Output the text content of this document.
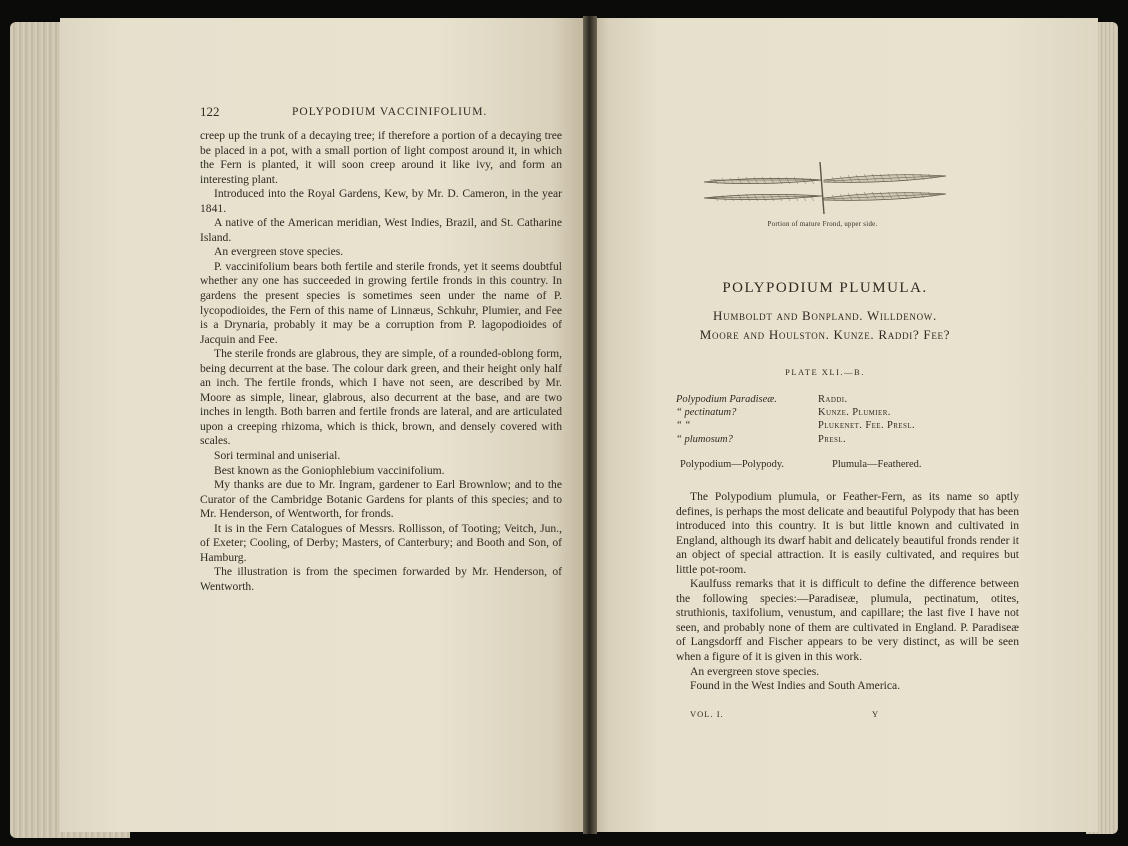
122	POLYPODIUM VACCINIFOLIUM.

creep up the trunk of a decaying tree; if therefore a portion of a decaying tree be placed in a pot, with a small portion of light compost around it, in which the Fern is planted, it will soon creep around it like ivy, and form an interesting plant.

Introduced into the Royal Gardens, Kew, by Mr. D. Cameron, in the year 1841.

A native of the American meridian, West Indies, Brazil, and St. Catharine Island.

An evergreen stove species.

P. vaccinifolium bears both fertile and sterile fronds, yet it seems doubtful whether any one has succeeded in growing fertile fronds in this country. In gardens the present species is sometimes seen under the name of P. lycopodioides, the Fern of this name of Linnæus, Schkuhr, Plumier, and Fee is a Drynaria, probably it may be a corruption from P. lagopodioides of Jacquin and Fee.

The sterile fronds are glabrous, they are simple, of a rounded-oblong form, being decurrent at the base. The colour dark green, and their height only half an inch. The fertile fronds, which I have not seen, are described by Mr. Moore as simple, linear, glabrous, also decurrent at the base, and are two inches in length. Both barren and fertile fronds are lateral, and are articulated upon a creeping rhizoma, which is thick, brown, and densely covered with scales.

Sori terminal and uniserial.

Best known as the Goniophlebium vaccinifolium.

My thanks are due to Mr. Ingram, gardener to Earl Brownlow; and to the Curator of the Cambridge Botanic Gardens for plants of this species; and to Mr. Henderson, of Wentworth, for fronds.

It is in the Fern Catalogues of Messrs. Rollisson, of Tooting; Veitch, Jun., of Exeter; Cooling, of Derby; Masters, of Canterbury; and Booth and Son, of Hamburg.

The illustration is from the specimen forwarded by Mr. Henderson, of Wentworth.

Portion of mature Frond, upper side.
POLYPODIUM PLUMULA.
Humboldt and Bonpland. Willdenow.
Moore and Houlston. Kunze. Raddi? Fee?
PLATE XLI.—B.
Polypodium Paradiseæ.	Raddi.
“ pectinatum?	Kunze. Plumier.
“ “	Plukenet. Fee. Presl.
“ plumosum?	Presl.
Polypodium—Polypody.	Plumula—Feathered.

The Polypodium plumula, or Feather-Fern, as its name so aptly defines, is perhaps the most delicate and beautiful Polypody that has been introduced into this country. It is but little known and cultivated in England, although its dwarf habit and delicately beautiful fronds render it an object of special attraction. It is easily cultivated, and requires but little pot-room.

Kaulfuss remarks that it is difficult to define the difference between the following species:—Paradiseæ, plumula, pectinatum, otites, struthionis, taxifolium, venustum, and capillare; the last five I have not seen, and probably none of them are cultivated in England. P. Paradiseæ of Langsdorff and Fischer appears to be very distinct, as will be seen when a figure of it is given in this work.

An evergreen stove species.

Found in the West Indies and South America.

VOL. I.	Y
